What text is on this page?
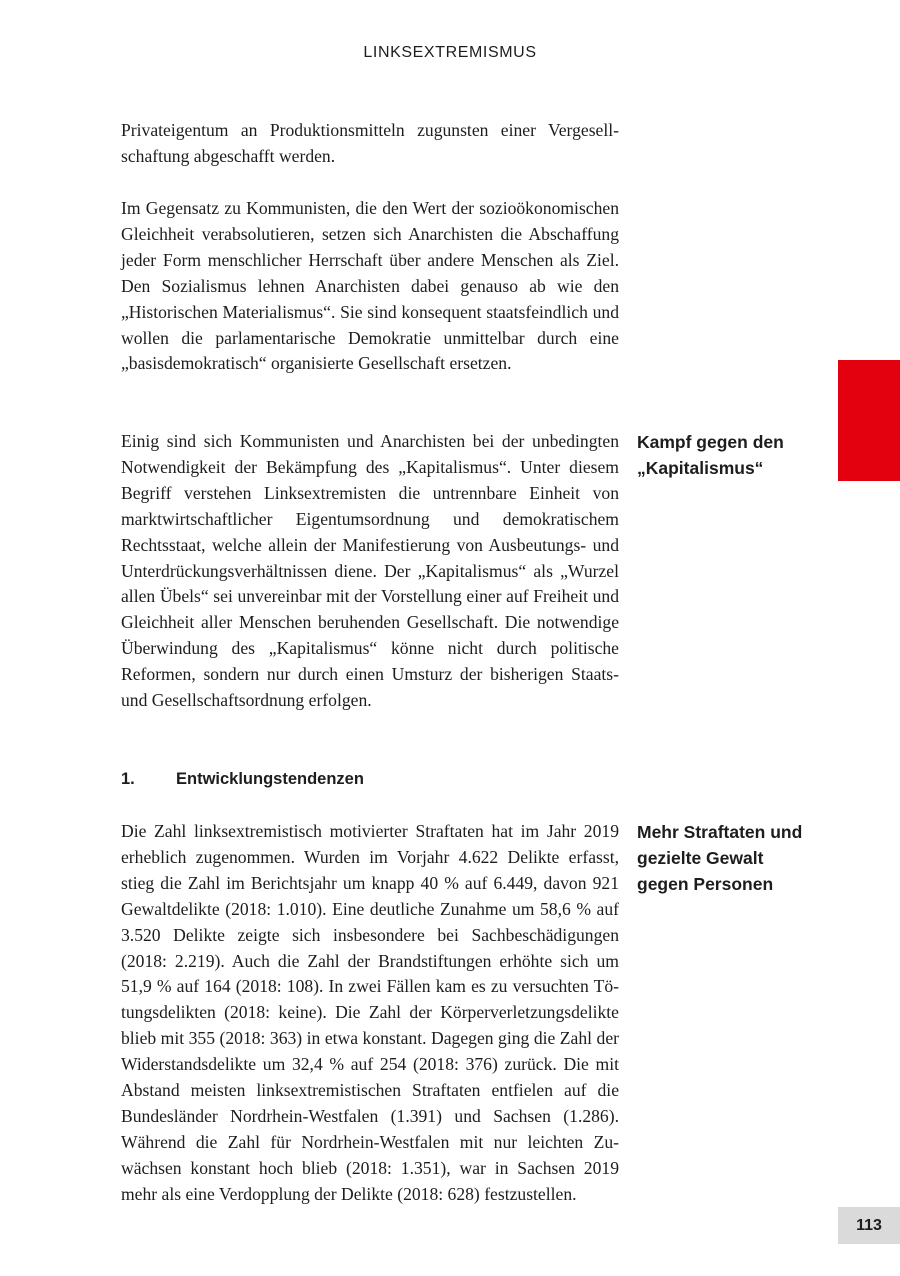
LINKSEXTREMISMUS

Privateigentum an Produktionsmitteln zugunsten einer Vergesellschaftung abgeschafft werden.

Im Gegensatz zu Kommunisten, die den Wert der sozioökonomischen Gleichheit verabsolutieren, setzen sich Anarchisten die Abschaffung jeder Form menschlicher Herrschaft über andere Menschen als Ziel. Den Sozialismus lehnen Anarchisten dabei genauso ab wie den „Historischen Materialismus“. Sie sind konsequent staatsfeindlich und wollen die parlamentarische Demokratie unmittelbar durch eine „basisdemokratisch“ organisierte Gesellschaft ersetzen.

Einig sind sich Kommunisten und Anarchisten bei der unbedingten Notwendigkeit der Bekämpfung des „Kapitalismus“. Unter diesem Begriff verstehen Linksextremisten die untrennbare Einheit von marktwirtschaftlicher Eigentumsordnung und demokratischem Rechtsstaat, welche allein der Manifestierung von Ausbeutungs- und Unterdrückungsverhältnissen diene. Der „Kapitalismus“ als „Wurzel allen Übels“ sei unvereinbar mit der Vorstellung einer auf Freiheit und Gleichheit aller Menschen beruhenden Gesellschaft. Die notwendige Überwindung des „Kapitalismus“ könne nicht durch politische Reformen, sondern nur durch einen Umsturz der bisherigen Staats- und Gesellschaftsordnung erfolgen.

Kampf gegen den „Kapitalismus“
1. Entwicklungstendenzen

Die Zahl linksextremistisch motivierter Straftaten hat im Jahr 2019 erheblich zugenommen. Wurden im Vorjahr 4.622 Delikte erfasst, stieg die Zahl im Berichtsjahr um knapp 40 % auf 6.449, davon 921 Gewaltdelikte (2018: 1.010). Eine deutliche Zunahme um 58,6 % auf 3.520 Delikte zeigte sich insbesondere bei Sachbeschädigungen (2018: 2.219). Auch die Zahl der Brandstiftungen erhöhte sich um 51,9 % auf 164 (2018: 108). In zwei Fällen kam es zu versuchten Tötungsdelikten (2018: keine). Die Zahl der Körperverletzungsdelikte blieb mit 355 (2018: 363) in etwa konstant. Dagegen ging die Zahl der Widerstandsdelikte um 32,4 % auf 254 (2018: 376) zurück. Die mit Abstand meisten linksextremistischen Straftaten entfielen auf die Bundesländer Nordrhein-Westfalen (1.391) und Sachsen (1.286). Während die Zahl für Nordrhein-Westfalen mit nur leichten Zuwächsen konstant hoch blieb (2018: 1.351), war in Sachsen 2019 mehr als eine Verdopplung der Delikte (2018: 628) festzustellen.

Mehr Straftaten und gezielte Gewalt gegen Personen
113
